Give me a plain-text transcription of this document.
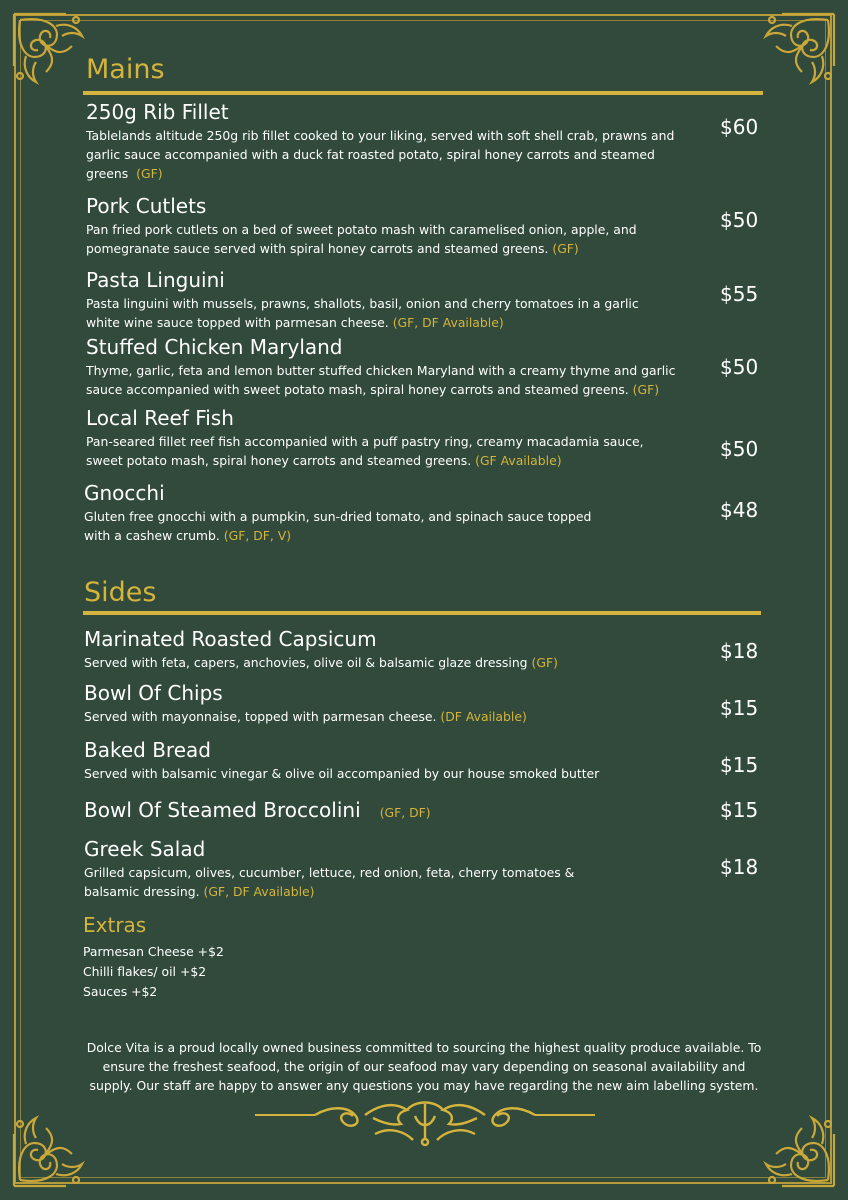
Mains
250g Rib Fillet
Tablelands altitude 250g rib fillet cooked to your liking, served with soft shell crab, prawns and garlic sauce accompanied with a duck fat roasted potato, spiral honey carrots and steamed greens (GF)
$60
Pork Cutlets
Pan fried pork cutlets on a bed of sweet potato mash with caramelised onion, apple, and pomegranate sauce served with spiral honey carrots and steamed greens. (GF)
$50
Pasta Linguini
Pasta linguini with mussels, prawns, shallots, basil, onion and cherry tomatoes in a garlic white wine sauce topped with parmesan cheese. (GF, DF Available)
$55
Stuffed Chicken Maryland
Thyme, garlic, feta and lemon butter stuffed chicken Maryland with a creamy thyme and garlic sauce accompanied with sweet potato mash, spiral honey carrots and steamed greens. (GF)
$50
Local Reef Fish
Pan-seared fillet reef fish accompanied with a puff pastry ring, creamy macadamia sauce, sweet potato mash, spiral honey carrots and steamed greens. (GF Available)	$50
Gnocchi
Gluten free gnocchi with a pumpkin, sun-dried tomato, and spinach sauce topped with a cashew crumb. (GF, DF, V)
$48
Sides
Marinated Roasted Capsicum
Served with feta, capers, anchovies, olive oil & balsamic glaze dressing (GF)	$18
Bowl Of Chips
Served with mayonnaise, topped with parmesan cheese. (DF Available)	$15
Baked Bread
Served with balsamic vinegar & olive oil accompanied by our house smoked butter	$15
Bowl Of Steamed Broccolini (GF, DF)	$15
Greek Salad
Grilled capsicum, olives, cucumber, lettuce, red onion, feta, cherry tomatoes & balsamic dressing. (GF, DF Available)
$18
Extras
Parmesan Cheese +$2
Chilli flakes/ oil +$2
Sauces +$2
Dolce Vita is a proud locally owned business committed to sourcing the highest quality produce available. To ensure the freshest seafood, the origin of our seafood may vary depending on seasonal availability and supply. Our staff are happy to answer any questions you may have regarding the new aim labelling system.
